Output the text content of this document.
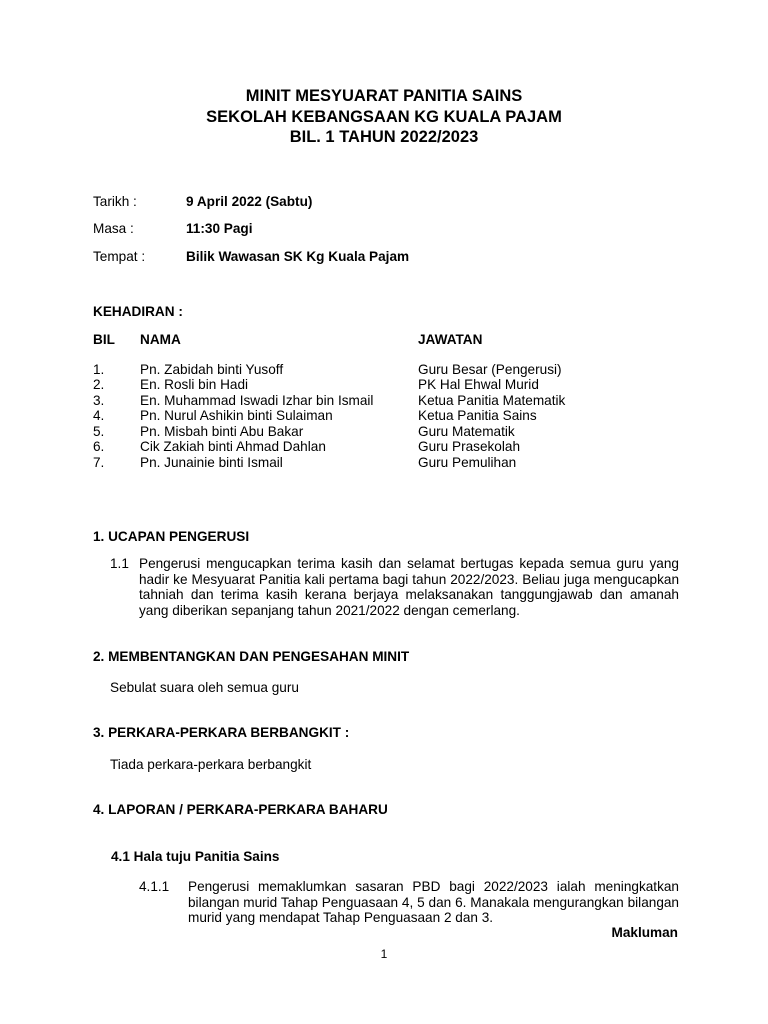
MINIT MESYUARAT PANITIA SAINS
SEKOLAH KEBANGSAAN KG KUALA PAJAM
BIL. 1 TAHUN 2022/2023
Tarikh :	9 April 2022 (Sabtu)
Masa :	11:30 Pagi
Tempat :	Bilik Wawasan SK Kg Kuala Pajam
KEHADIRAN :
BIL NAMA	JAWATAN
1.	Pn. Zabidah binti Yusoff	Guru Besar (Pengerusi)
2.	En. Rosli bin Hadi	PK Hal Ehwal Murid
3.	En. Muhammad Iswadi Izhar bin Ismail	Ketua Panitia Matematik
4.	Pn. Nurul Ashikin binti Sulaiman	Ketua Panitia Sains
5.	Pn. Misbah binti Abu Bakar	Guru Matematik
6.	Cik Zakiah binti Ahmad Dahlan	Guru Prasekolah
7.	Pn. Junainie binti Ismail	Guru Pemulihan
1. UCAPAN PENGERUSI
1.1 Pengerusi mengucapkan terima kasih dan selamat bertugas kepada semua guru yang hadir ke Mesyuarat Panitia kali pertama bagi tahun 2022/2023. Beliau juga mengucapkan tahniah dan terima kasih kerana berjaya melaksanakan tanggungjawab dan amanah yang diberikan sepanjang tahun 2021/2022 dengan cemerlang.
2. MEMBENTANGKAN DAN PENGESAHAN MINIT
Sebulat suara oleh semua guru
3. PERKARA-PERKARA BERBANGKIT :
Tiada perkara-perkara berbangkit
4. LAPORAN / PERKARA-PERKARA BAHARU
4.1 Hala tuju Panitia Sains
4.1.1 Pengerusi memaklumkan sasaran PBD bagi 2022/2023 ialah meningkatkan bilangan murid Tahap Penguasaan 4, 5 dan 6. Manakala mengurangkan bilangan murid yang mendapat Tahap Penguasaan 2 dan 3.
Makluman
1
